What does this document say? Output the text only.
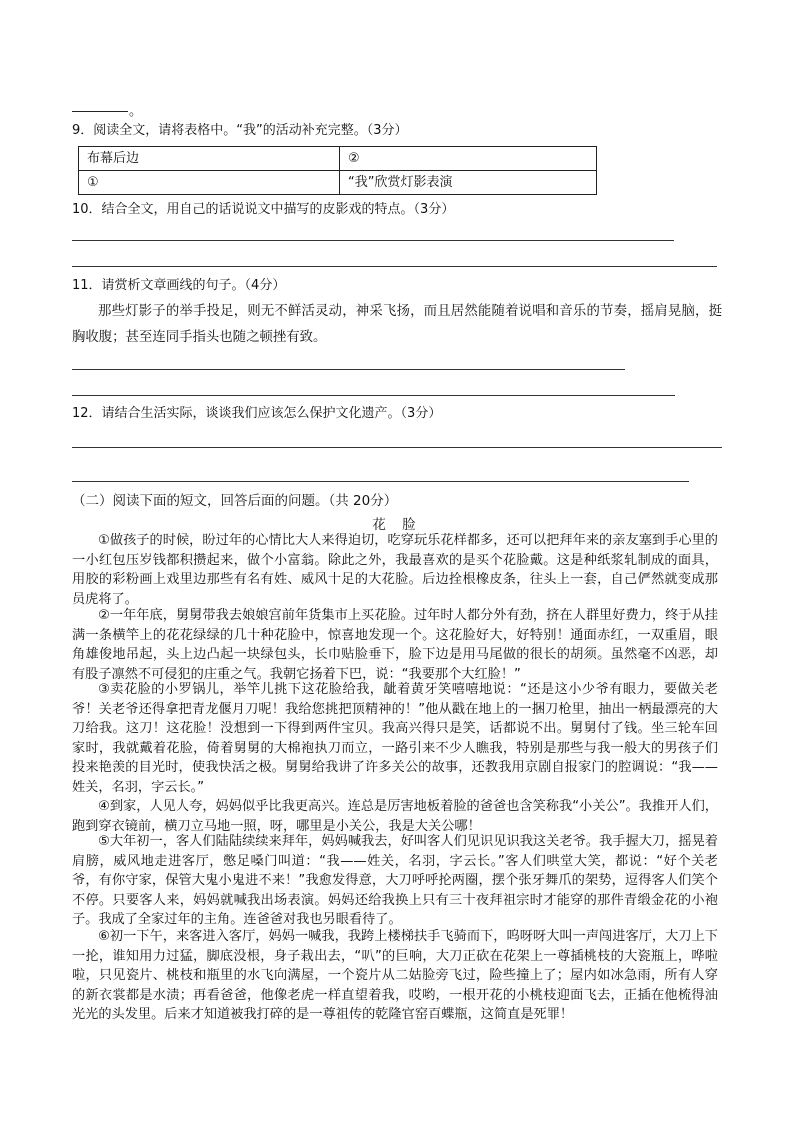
。
9．阅读全文，请将表格中。“我”的活动补充完整。（3分）
布幕后边	②
①	“我”欣赏灯影表演
10．结合全文，用自己的话说说文中描写的皮影戏的特点。（3分）
11．请赏析文章画线的句子。（4分）
那些灯影子的举手投足，则无不鲜活灵动，神采飞扬，而且居然能随着说唱和音乐的节奏，摇肩晃脑，挺胸收腹；甚至连同手指头也随之顿挫有致。
12．请结合生活实际，谈谈我们应该怎么保护文化遗产。（3分）
（二）阅读下面的短文，回答后面的问题。（共 20分）
花 脸
①做孩子的时候，盼过年的心情比大人来得迫切，吃穿玩乐花样都多，还可以把拜年来的亲友塞到手心里的一小红包压岁钱都积攒起来，做个小富翁。除此之外，我最喜欢的是买个花脸戴。这是种纸浆轧制成的面具，用胶的彩粉画上戏里边那些有名有姓、威风十足的大花脸。后边拴根橡皮条，往头上一套，自己俨然就变成那员虎将了。
②一年年底，舅舅带我去娘娘宫前年货集市上买花脸。过年时人都分外有劲，挤在人群里好费力，终于从挂满一条横竿上的花花绿绿的几十种花脸中，惊喜地发现一个。这花脸好大，好特别！通面赤红，一双重眉，眼角雄俊地吊起，头上边凸起一块绿包头，长巾贴脸垂下，脸下边是用马尾做的很长的胡须。虽然毫不凶恶，却有股子凛然不可侵犯的庄重之气。我朝它扬着下巴，说：“我要那个大红脸！”
③卖花脸的小罗锅儿，举竿儿挑下这花脸给我，龇着黄牙笑嘻嘻地说：“还是这小少爷有眼力，要做关老爷！关老爷还得拿把青龙偃月刀呢！我给您挑把顶精神的！”他从戳在地上的一捆刀枪里，抽出一柄最漂亮的大刀给我。这刀！这花脸！没想到一下得到两件宝贝。我高兴得只是笑，话都说不出。舅舅付了钱。坐三轮车回家时，我就戴着花脸，倚着舅舅的大棉袍执刀而立，一路引来不少人瞧我，特别是那些与我一般大的男孩子们投来艳羡的目光时，使我快活之极。舅舅给我讲了许多关公的故事，还教我用京剧自报家门的腔调说：“我——姓关，名羽，字云长。”
④到家，人见人夸，妈妈似乎比我更高兴。连总是厉害地板着脸的爸爸也含笑称我“小关公”。我推开人们，跑到穿衣镜前，横刀立马地一照，呀，哪里是小关公，我是大关公哪！
⑤大年初一，客人们陆陆续续来拜年，妈妈喊我去，好叫客人们见识见识我这关老爷。我手握大刀，摇晃着肩膀，威风地走进客厅，憋足嗓门叫道：“我——姓关，名羽，字云长。”客人们哄堂大笑，都说：“好个关老爷，有你守家，保管大鬼小鬼进不来！”我愈发得意，大刀呼呼抡两圈，摆个张牙舞爪的架势，逗得客人们笑个不停。只要客人来，妈妈就喊我出场表演。妈妈还给我换上只有三十夜拜祖宗时才能穿的那件青缎金花的小袍子。我成了全家过年的主角。连爸爸对我也另眼看待了。
⑥初一下午，来客进入客厅，妈妈一喊我，我跨上楼梯扶手飞骑而下，呜呀呀大叫一声闯进客厅，大刀上下一抡，谁知用力过猛，脚底没根，身子栽出去，“叭”的巨响，大刀正砍在花架上一尊插桃枝的大瓷瓶上，哗啦啦，只见瓷片、桃枝和瓶里的水飞向满屋，一个瓷片从二姑脸旁飞过，险些撞上了；屋内如冰急雨，所有人穿的新衣裳都是水渍；再看爸爸，他像老虎一样直望着我，哎哟，一根开花的小桃枝迎面飞去，正插在他梳得油光光的头发里。后来才知道被我打碎的是一尊祖传的乾隆官窑百蝶瓶，这简直是死罪！
